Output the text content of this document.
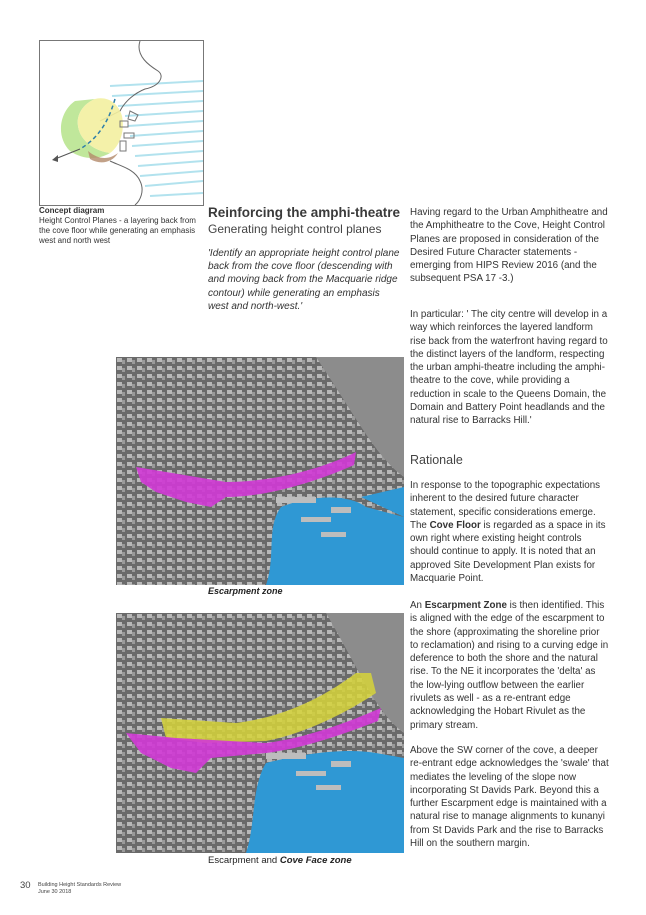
Concept diagram
Height Control Planes - a layering back from the cove floor while generating an emphasis west and north west
Reinforcing the amphi-theatre
Generating height control planes
'Identify an appropriate height control plane back from the cove floor (descending with and moving back from the Macquarie ridge contour) while generating an emphasis west and north-west.'
Having regard to the Urban Amphitheatre and the Amphitheatre to the Cove, Height Control Planes are proposed in consideration of the Desired Future Character statements - emerging from HIPS Review 2016 (and the subsequent PSA 17 -3.)
In particular: ' The city centre will develop in a way which reinforces the layered landform rise back from the waterfront having regard to the distinct layers of the landform, respecting the urban amphi-theatre including the amphi-theatre to the cove, while providing a reduction in scale to the Queens Domain, the Domain and Battery Point headlands and the natural rise to Barracks Hill.'
Rationale
In response to the topographic expectations inherent to the desired future character statement, specific considerations emerge. The Cove Floor is regarded as a space in its own right where existing height controls should continue to apply. It is noted that an approved Site Development Plan exists for Macquarie Point.
An Escarpment Zone is then identified. This is aligned with the edge of the escarpment to the shore (approximating the shoreline prior to reclamation) and rising to a curving edge in deference to both the shore and the natural rise. To the NE it incorporates the 'delta' as the low-lying outflow between the earlier rivulets as well - as a re-entrant edge acknowledging the Hobart Rivulet as the primary stream.
Above the SW corner of the cove, a deeper re-entrant edge acknowledges the 'swale' that mediates the leveling of the slope now incorporating St Davids Park. Beyond this a further Escarpment edge is maintained with a natural rise to manage alignments to kunanyi from St Davids Park and the rise to Barracks Hill on the southern margin.
Escarpment zone
Escarpment and Cove Face zone
30 Building Height Standards Review
June 30 2018
